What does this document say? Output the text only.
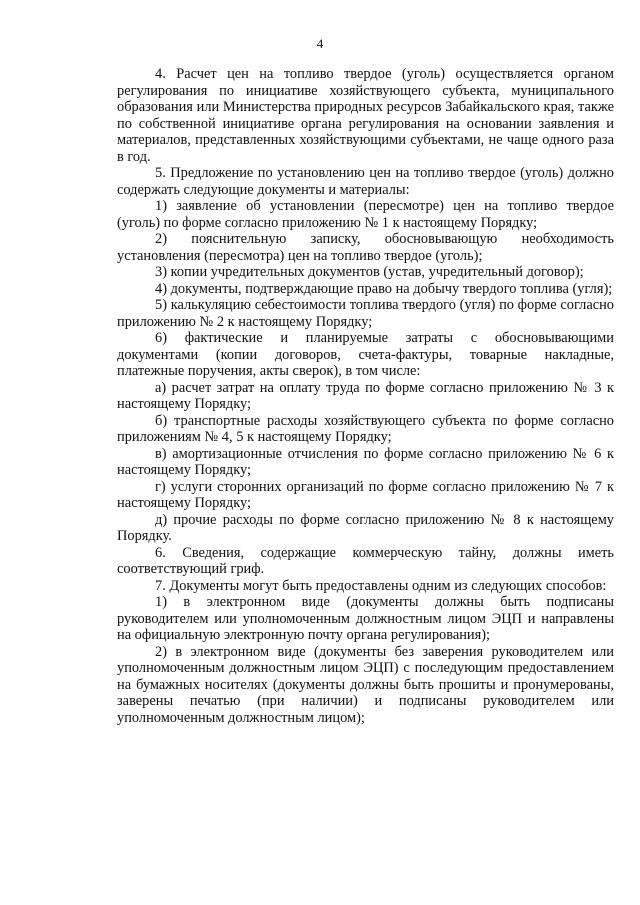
4

4. Расчет цен на топливо твердое (уголь) осуществляется органом регулирования по инициативе хозяйствующего субъекта, муниципального образования или Министерства природных ресурсов Забайкальского края, также по собственной инициативе органа регулирования на основании заявления и материалов, представленных хозяйствующими субъектами, не чаще одного раза в год.

5. Предложение по установлению цен на топливо твердое (уголь) должно содержать следующие документы и материалы:

1) заявление об установлении (пересмотре) цен на топливо твердое (уголь) по форме согласно приложению № 1 к настоящему Порядку;

2) пояснительную записку, обосновывающую необходимость установления (пересмотра) цен на топливо твердое (уголь);

3) копии учредительных документов (устав, учредительный договор);

4) документы, подтверждающие право на добычу твердого топлива (угля);

5) калькуляцию себестоимости топлива твердого (угля) по форме согласно приложению № 2 к настоящему Порядку;

6) фактические и планируемые затраты с обосновывающими документами (копии договоров, счета-фактуры, товарные накладные, платежные поручения, акты сверок), в том числе:

а) расчет затрат на оплату труда по форме согласно приложению № 3 к настоящему Порядку;

б) транспортные расходы хозяйствующего субъекта по форме согласно приложениям № 4, 5 к настоящему Порядку;

в) амортизационные отчисления по форме согласно приложению № 6 к настоящему Порядку;

г) услуги сторонних организаций по форме согласно приложению № 7 к настоящему Порядку;

д) прочие расходы по форме согласно приложению № 8 к настоящему Порядку.

6. Сведения, содержащие коммерческую тайну, должны иметь соответствующий гриф.

7. Документы могут быть предоставлены одним из следующих способов:

1) в электронном виде (документы должны быть подписаны руководителем или уполномоченным должностным лицом ЭЦП и направлены на официальную электронную почту органа регулирования);

2) в электронном виде (документы без заверения руководителем или уполномоченным должностным лицом ЭЦП) с последующим предоставлением на бумажных носителях (документы должны быть прошиты и пронумерованы, заверены печатью (при наличии) и подписаны руководителем или уполномоченным должностным лицом);
